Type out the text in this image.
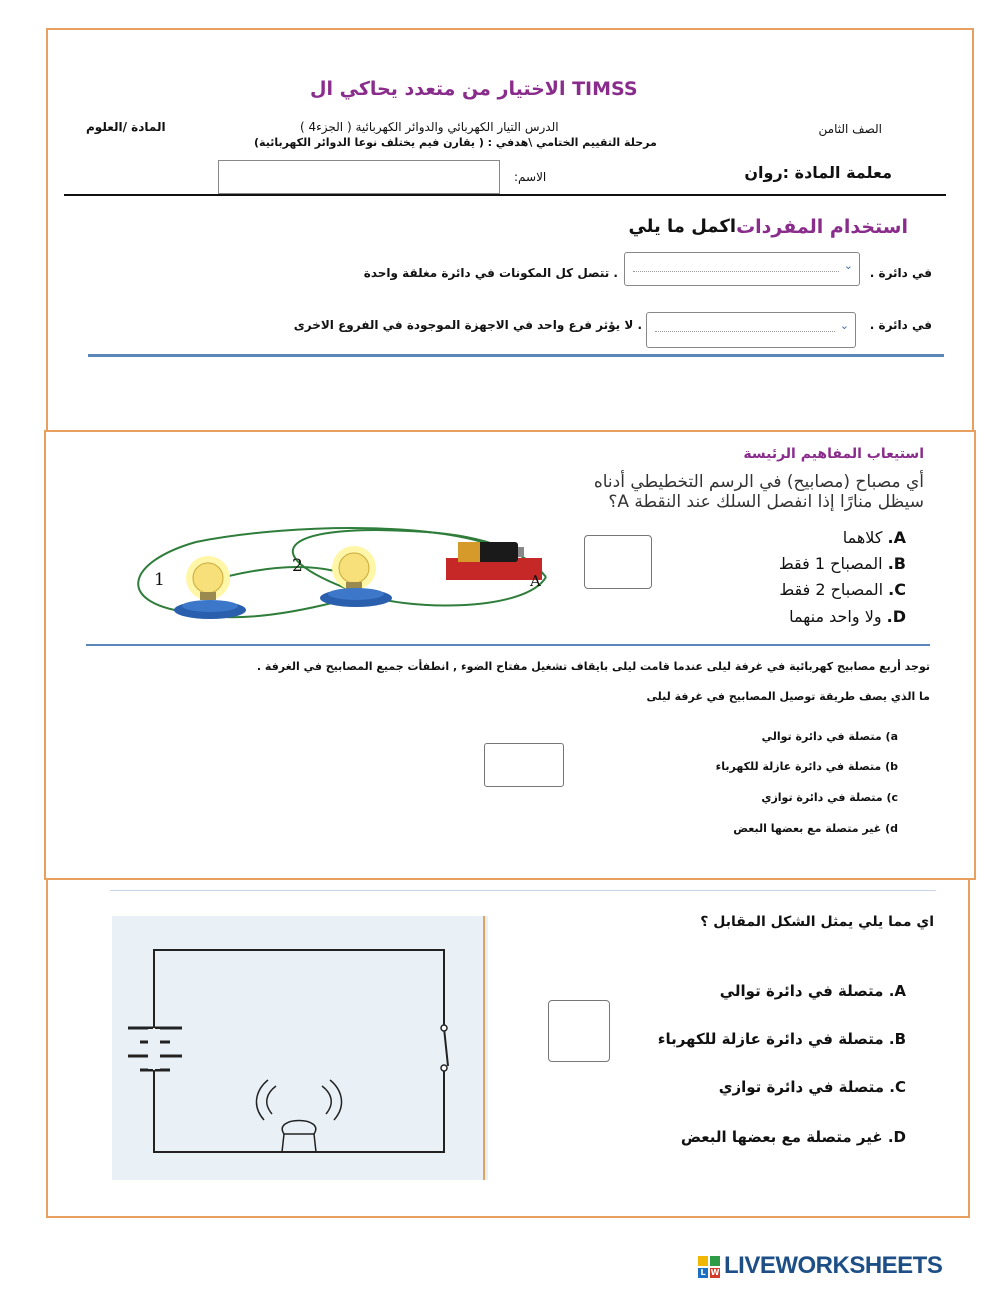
الاختيار من متعدد يحاكي ال TIMSS
الصف الثامن
الدرس التيار الكهربائي والدوائر الكهربائية ( الجزء4 )
المادة /العلوم
مرحلة التقييم الختامي \هدفي : ( يقارن فيم يختلف نوعا الدوائر الكهربائية)
معلمة المادة :روان
الاسم:
استخدام المفردات
اكمل ما يلي
في دائرة .
⌄
. تتصل كل المكونات في دائرة مغلقة واحدة
في دائرة .
⌄
. لا يؤثر فرع واحد في الاجهزة الموجودة في الفروع الاخرى
استيعاب المفاهيم الرئيسة
أي مصباح (مصابيح) في الرسم التخطيطي أدناه
سيظل منارًا إذا انفصل السلك عند النقطة A؟
1
2
A
A. كلاهما
B. المصباح 1 فقط
C. المصباح 2 فقط
D. ولا واحد منهما
توجد أربع مصابيح كهربائية في غرفة ليلى عندما قامت ليلى بايقاف تشغيل مفتاح الضوء , انطفأت جميع المصابيح في الغرفة .
ما الذي يصف طريقة توصيل المصابيح في غرفة ليلى
a) متصلة في دائرة توالي
b) متصلة في دائرة عازلة للكهرباء
c) متصلة في دائرة توازي
d) غير متصلة مع بعضها البعض
اي مما يلي يمثل الشكل المقابل ؟
A. متصلة في دائرة توالي
B. متصلة في دائرة عازلة للكهرباء
C. متصلة في دائرة توازي
D. غير متصلة مع بعضها البعض
L W LIVEWORKSHEETS
